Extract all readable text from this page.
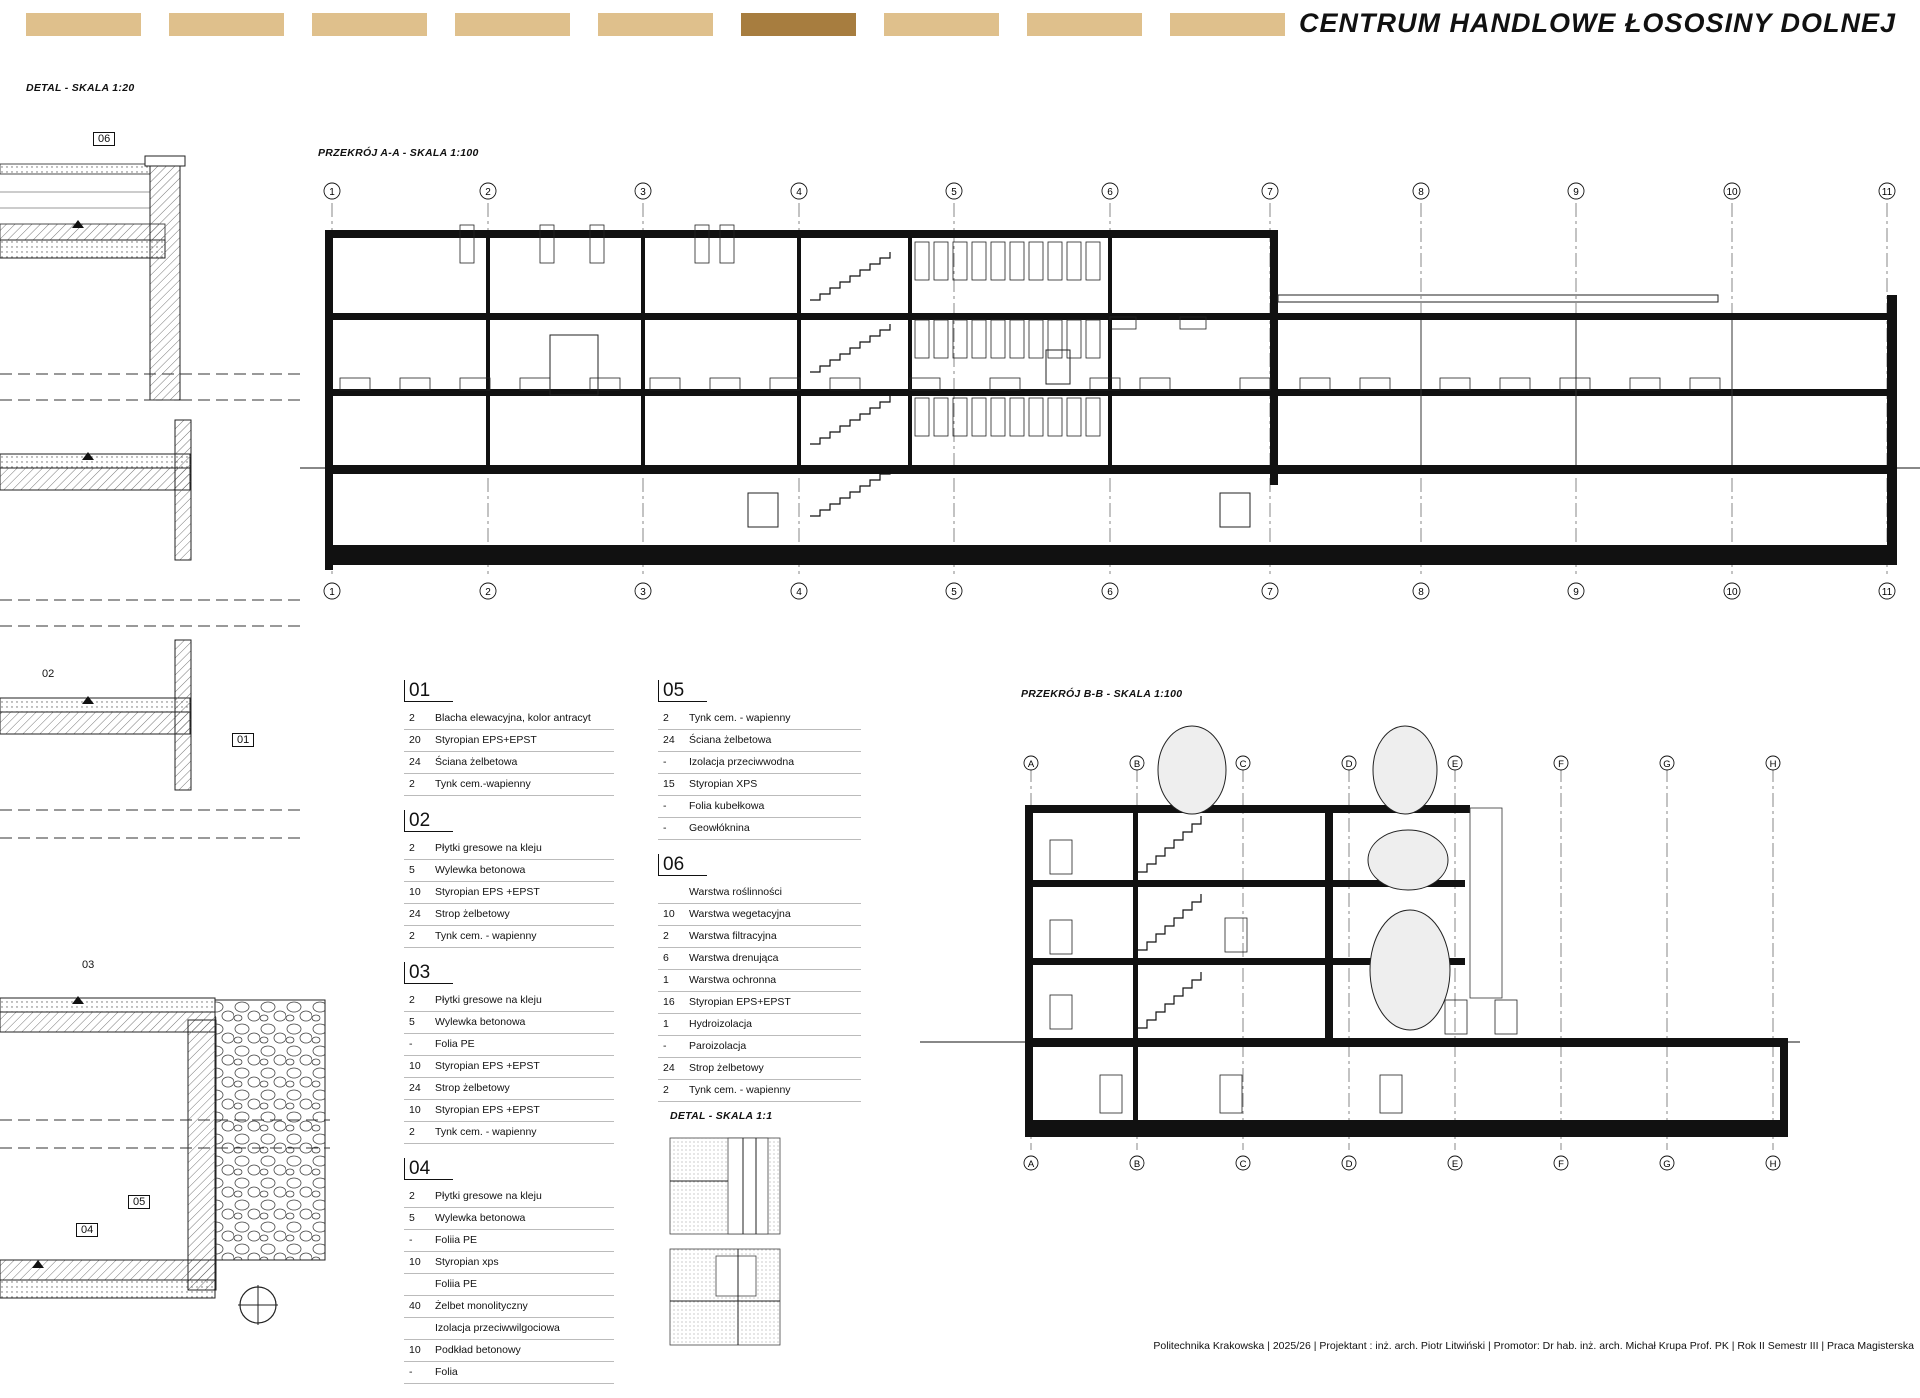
CENTRUM HANDLOWE ŁOSOSINY DOLNEJ
DETAL - SKALA 1:20
PRZEKRÓJ A-A - SKALA 1:100
PRZEKRÓJ B-B - SKALA 1:100
DETAL - SKALA 1:1
06
02
01
03
05
04
1
1
2
2
3
3
4
4
5
5
6
6
7
7
8
8
9
9
10
10
11
11
01
2	Blacha elewacyjna, kolor antracyt
20	Styropian EPS+EPST
24	Ściana żelbetowa
2	Tynk cem.-wapienny
02
2	Płytki gresowe na kleju
5	Wylewka betonowa
10	Styropian EPS +EPST
24	Strop żelbetowy
2	Tynk cem. - wapienny
03
2	Płytki gresowe na kleju
5	Wylewka betonowa
-	Folia PE
10	Styropian EPS +EPST
24	Strop żelbetowy
10	Styropian EPS +EPST
2	Tynk cem. - wapienny
04
2	Płytki gresowe na kleju
5	Wylewka betonowa
-	Foliia PE
10	Styropian xps
Foliia PE
40	Żelbet monolityczny
Izolacja przeciwwilgociowa
10	Podkład betonowy
-	Folia
05
2	Tynk cem. - wapienny
24	Ściana żelbetowa
-	Izolacja przeciwwodna
15	Styropian XPS
-	Folia kubełkowa
-	Geowłóknina
06
Warstwa roślinności
10	Warstwa wegetacyjna
2	Warstwa filtracyjna
6	Warstwa drenująca
1	Warstwa ochronna
16	Styropian EPS+EPST
1	Hydroizolacja
-	Paroizolacja
24	Strop żelbetowy
2	Tynk cem. - wapienny
A
A
B
B
C
C
D
D
E
E
F
F
G
G
H
H
Politechnika Krakowska | 2025/26 | Projektant : inż. arch. Piotr Litwiński | Promotor: Dr hab. inż. arch. Michał Krupa Prof. PK | Rok II Semestr III | Praca Magisterska
